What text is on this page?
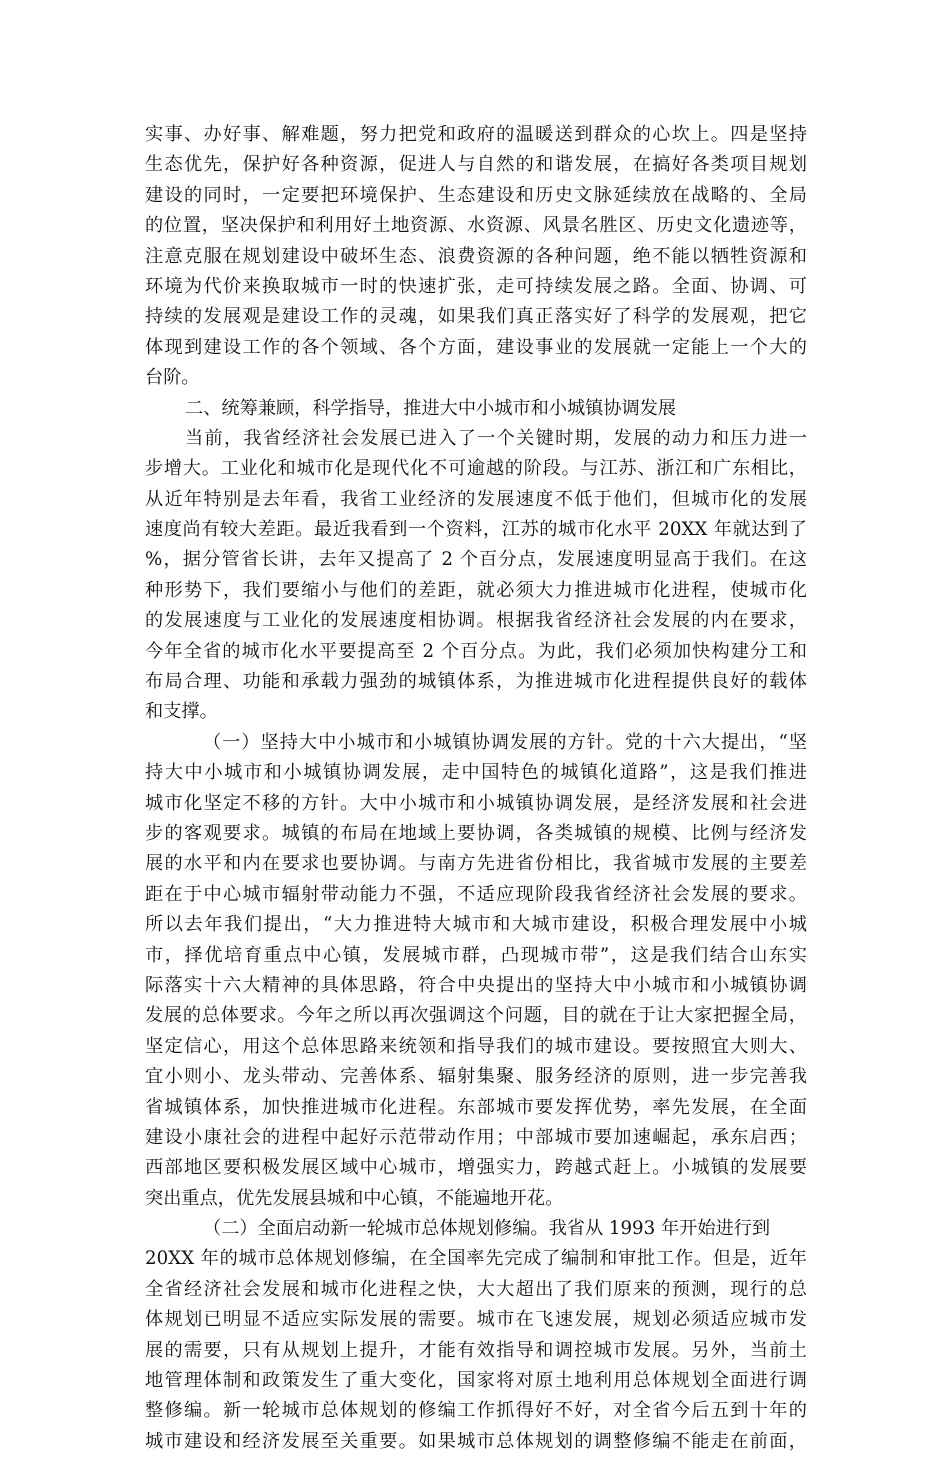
实事、办好事、解难题，努力把党和政府的温暖送到群众的心坎上。四是坚持
生态优先，保护好各种资源，促进人与自然的和谐发展，在搞好各类项目规划
建设的同时，一定要把环境保护、生态建设和历史文脉延续放在战略的、全局
的位置，坚决保护和利用好土地资源、水资源、风景名胜区、历史文化遗迹等，
注意克服在规划建设中破坏生态、浪费资源的各种问题，绝不能以牺牲资源和
环境为代价来换取城市一时的快速扩张，走可持续发展之路。全面、协调、可
持续的发展观是建设工作的灵魂，如果我们真正落实好了科学的发展观，把它
体现到建设工作的各个领域、各个方面，建设事业的发展就一定能上一个大的
台阶。
二、统筹兼顾，科学指导，推进大中小城市和小城镇协调发展
当前，我省经济社会发展已进入了一个关键时期，发展的动力和压力进一
步增大。工业化和城市化是现代化不可逾越的阶段。与江苏、浙江和广东相比，
从近年特别是去年看，我省工业经济的发展速度不低于他们，但城市化的发展
速度尚有较大差距。最近我看到一个资料，江苏的城市化水平 20XX 年就达到了
%，据分管省长讲，去年又提高了 2 个百分点，发展速度明显高于我们。在这
种形势下，我们要缩小与他们的差距，就必须大力推进城市化进程，使城市化
的发展速度与工业化的发展速度相协调。根据我省经济社会发展的内在要求，
今年全省的城市化水平要提高至 2 个百分点。为此，我们必须加快构建分工和
布局合理、功能和承载力强劲的城镇体系，为推进城市化进程提供良好的载体
和支撑。
（一）坚持大中小城市和小城镇协调发展的方针。党的十六大提出，“坚
持大中小城市和小城镇协调发展，走中国特色的城镇化道路”，这是我们推进
城市化坚定不移的方针。大中小城市和小城镇协调发展，是经济发展和社会进
步的客观要求。城镇的布局在地域上要协调，各类城镇的规模、比例与经济发
展的水平和内在要求也要协调。与南方先进省份相比，我省城市发展的主要差
距在于中心城市辐射带动能力不强，不适应现阶段我省经济社会发展的要求。
所以去年我们提出，“大力推进特大城市和大城市建设，积极合理发展中小城
市，择优培育重点中心镇，发展城市群，凸现城市带”，这是我们结合山东实
际落实十六大精神的具体思路，符合中央提出的坚持大中小城市和小城镇协调
发展的总体要求。今年之所以再次强调这个问题，目的就在于让大家把握全局，
坚定信心，用这个总体思路来统领和指导我们的城市建设。要按照宜大则大、
宜小则小、龙头带动、完善体系、辐射集聚、服务经济的原则，进一步完善我
省城镇体系，加快推进城市化进程。东部城市要发挥优势，率先发展，在全面
建设小康社会的进程中起好示范带动作用；中部城市要加速崛起，承东启西；
西部地区要积极发展区域中心城市，增强实力，跨越式赶上。小城镇的发展要
突出重点，优先发展县城和中心镇，不能遍地开花。
（二）全面启动新一轮城市总体规划修编。我省从 1993 年开始进行到
20XX 年的城市总体规划修编，在全国率先完成了编制和审批工作。但是，近年
全省经济社会发展和城市化进程之快，大大超出了我们原来的预测，现行的总
体规划已明显不适应实际发展的需要。城市在飞速发展，规划必须适应城市发
展的需要，只有从规划上提升，才能有效指导和调控城市发展。另外，当前土
地管理体制和政策发生了重大变化，国家将对原土地利用总体规划全面进行调
整修编。新一轮城市总体规划的修编工作抓得好不好，对全省今后五到十年的
城市建设和经济发展至关重要。如果城市总体规划的调整修编不能走在前面，
